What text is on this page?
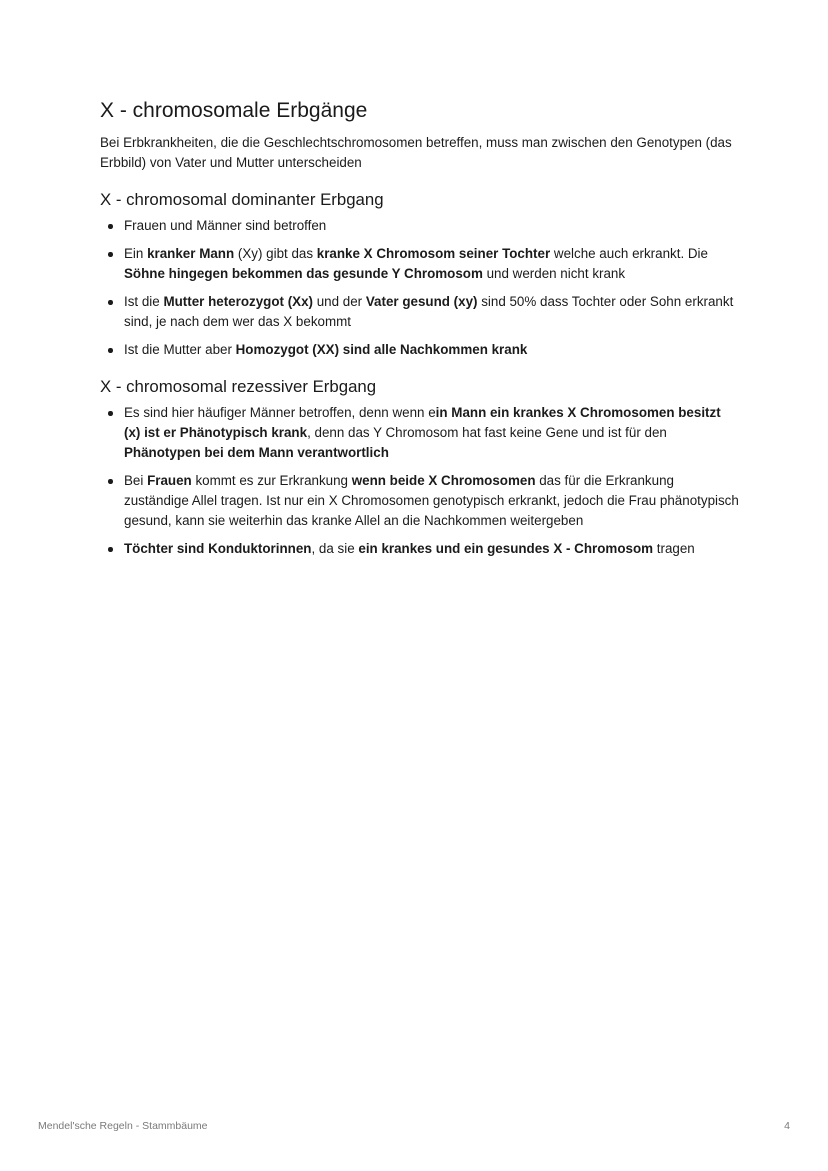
X - chromosomale Erbgänge

Bei Erbkrankheiten, die die Geschlechtschromosomen betreffen, muss man zwischen den Genotypen (das Erbbild) von Vater und Mutter unterscheiden

X - chromosomal dominanter Erbgang
Frauen und Männer sind betroffen
Ein kranker Mann (Xy) gibt das kranke X Chromosom seiner Tochter welche auch erkrankt. Die Söhne hingegen bekommen das gesunde Y Chromosom und werden nicht krank
Ist die Mutter heterozygot (Xx) und der Vater gesund (xy) sind 50% dass Tochter oder Sohn erkrankt sind, je nach dem wer das X bekommt
Ist die Mutter aber Homozygot (XX) sind alle Nachkommen krank
X - chromosomal rezessiver Erbgang
Es sind hier häufiger Männer betroffen, denn wenn ein Mann ein krankes X Chromosomen besitzt (x) ist er Phänotypisch krank, denn das Y Chromosom hat fast keine Gene und ist für den Phänotypen bei dem Mann verantwortlich
Bei Frauen kommt es zur Erkrankung wenn beide X Chromosomen das für die Erkrankung zuständige Allel tragen. Ist nur ein X Chromosomen genotypisch erkrankt, jedoch die Frau phänotypisch gesund, kann sie weiterhin das kranke Allel an die Nachkommen weitergeben
Töchter sind Konduktorinnen, da sie ein krankes und ein gesundes X - Chromosom tragen
Mendel'sche Regeln - Stammbäume	4
